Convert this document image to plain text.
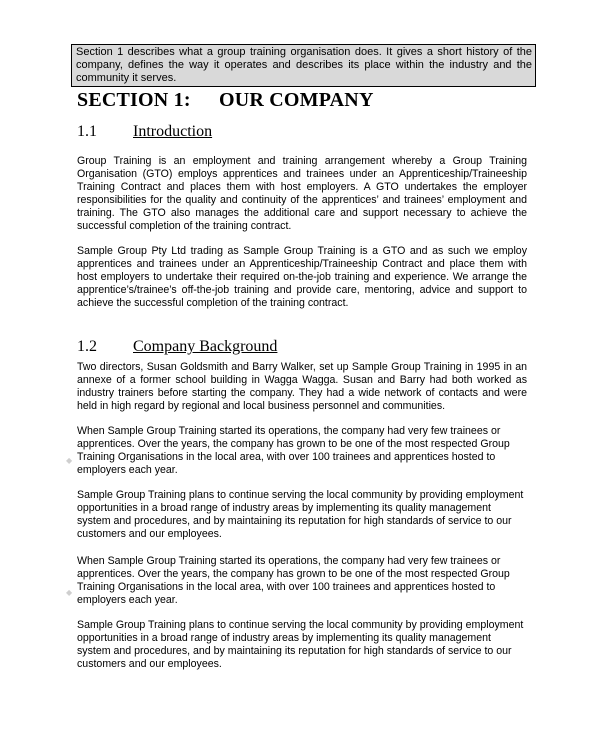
Section 1 describes what a group training organisation does. It gives a short history of the company, defines the way it operates and describes its place within the industry and the community it serves.
SECTION 1: OUR COMPANY
1.1 Introduction

Group Training is an employment and training arrangement whereby a Group Training Organisation (GTO) employs apprentices and trainees under an Apprenticeship/Traineeship Training Contract and places them with host employers. A GTO undertakes the employer responsibilities for the quality and continuity of the apprentices’ and trainees’ employment and training. The GTO also manages the additional care and support necessary to achieve the successful completion of the training contract.

Sample Group Pty Ltd trading as Sample Group Training is a GTO and as such we employ apprentices and trainees under an Apprenticeship/Traineeship Contract and place them with host employers to undertake their required on-the-job training and experience. We arrange the apprentice’s/trainee’s off-the-job training and provide care, mentoring, advice and support to achieve the successful completion of the training contract.

1.2 Company Background

Two directors, Susan Goldsmith and Barry Walker, set up Sample Group Training in 1995 in an annexe of a former school building in Wagga Wagga. Susan and Barry had both worked as industry trainers before starting the company. They had a wide network of contacts and were held in high regard by regional and local business personnel and communities.

When Sample Group Training started its operations, the company had very few trainees or apprentices. Over the years, the company has grown to be one of the most respected Group Training Organisations in the local area, with over 100 trainees and apprentices hosted to employers each year.

Sample Group Training plans to continue serving the local community by providing employment opportunities in a broad range of industry areas by implementing its quality management system and procedures, and by maintaining its reputation for high standards of service to our customers and our employees.

When Sample Group Training started its operations, the company had very few trainees or apprentices. Over the years, the company has grown to be one of the most respected Group Training Organisations in the local area, with over 100 trainees and apprentices hosted to employers each year.

Sample Group Training plans to continue serving the local community by providing employment opportunities in a broad range of industry areas by implementing its quality management system and procedures, and by maintaining its reputation for high standards of service to our customers and our employees.

◆
◆
